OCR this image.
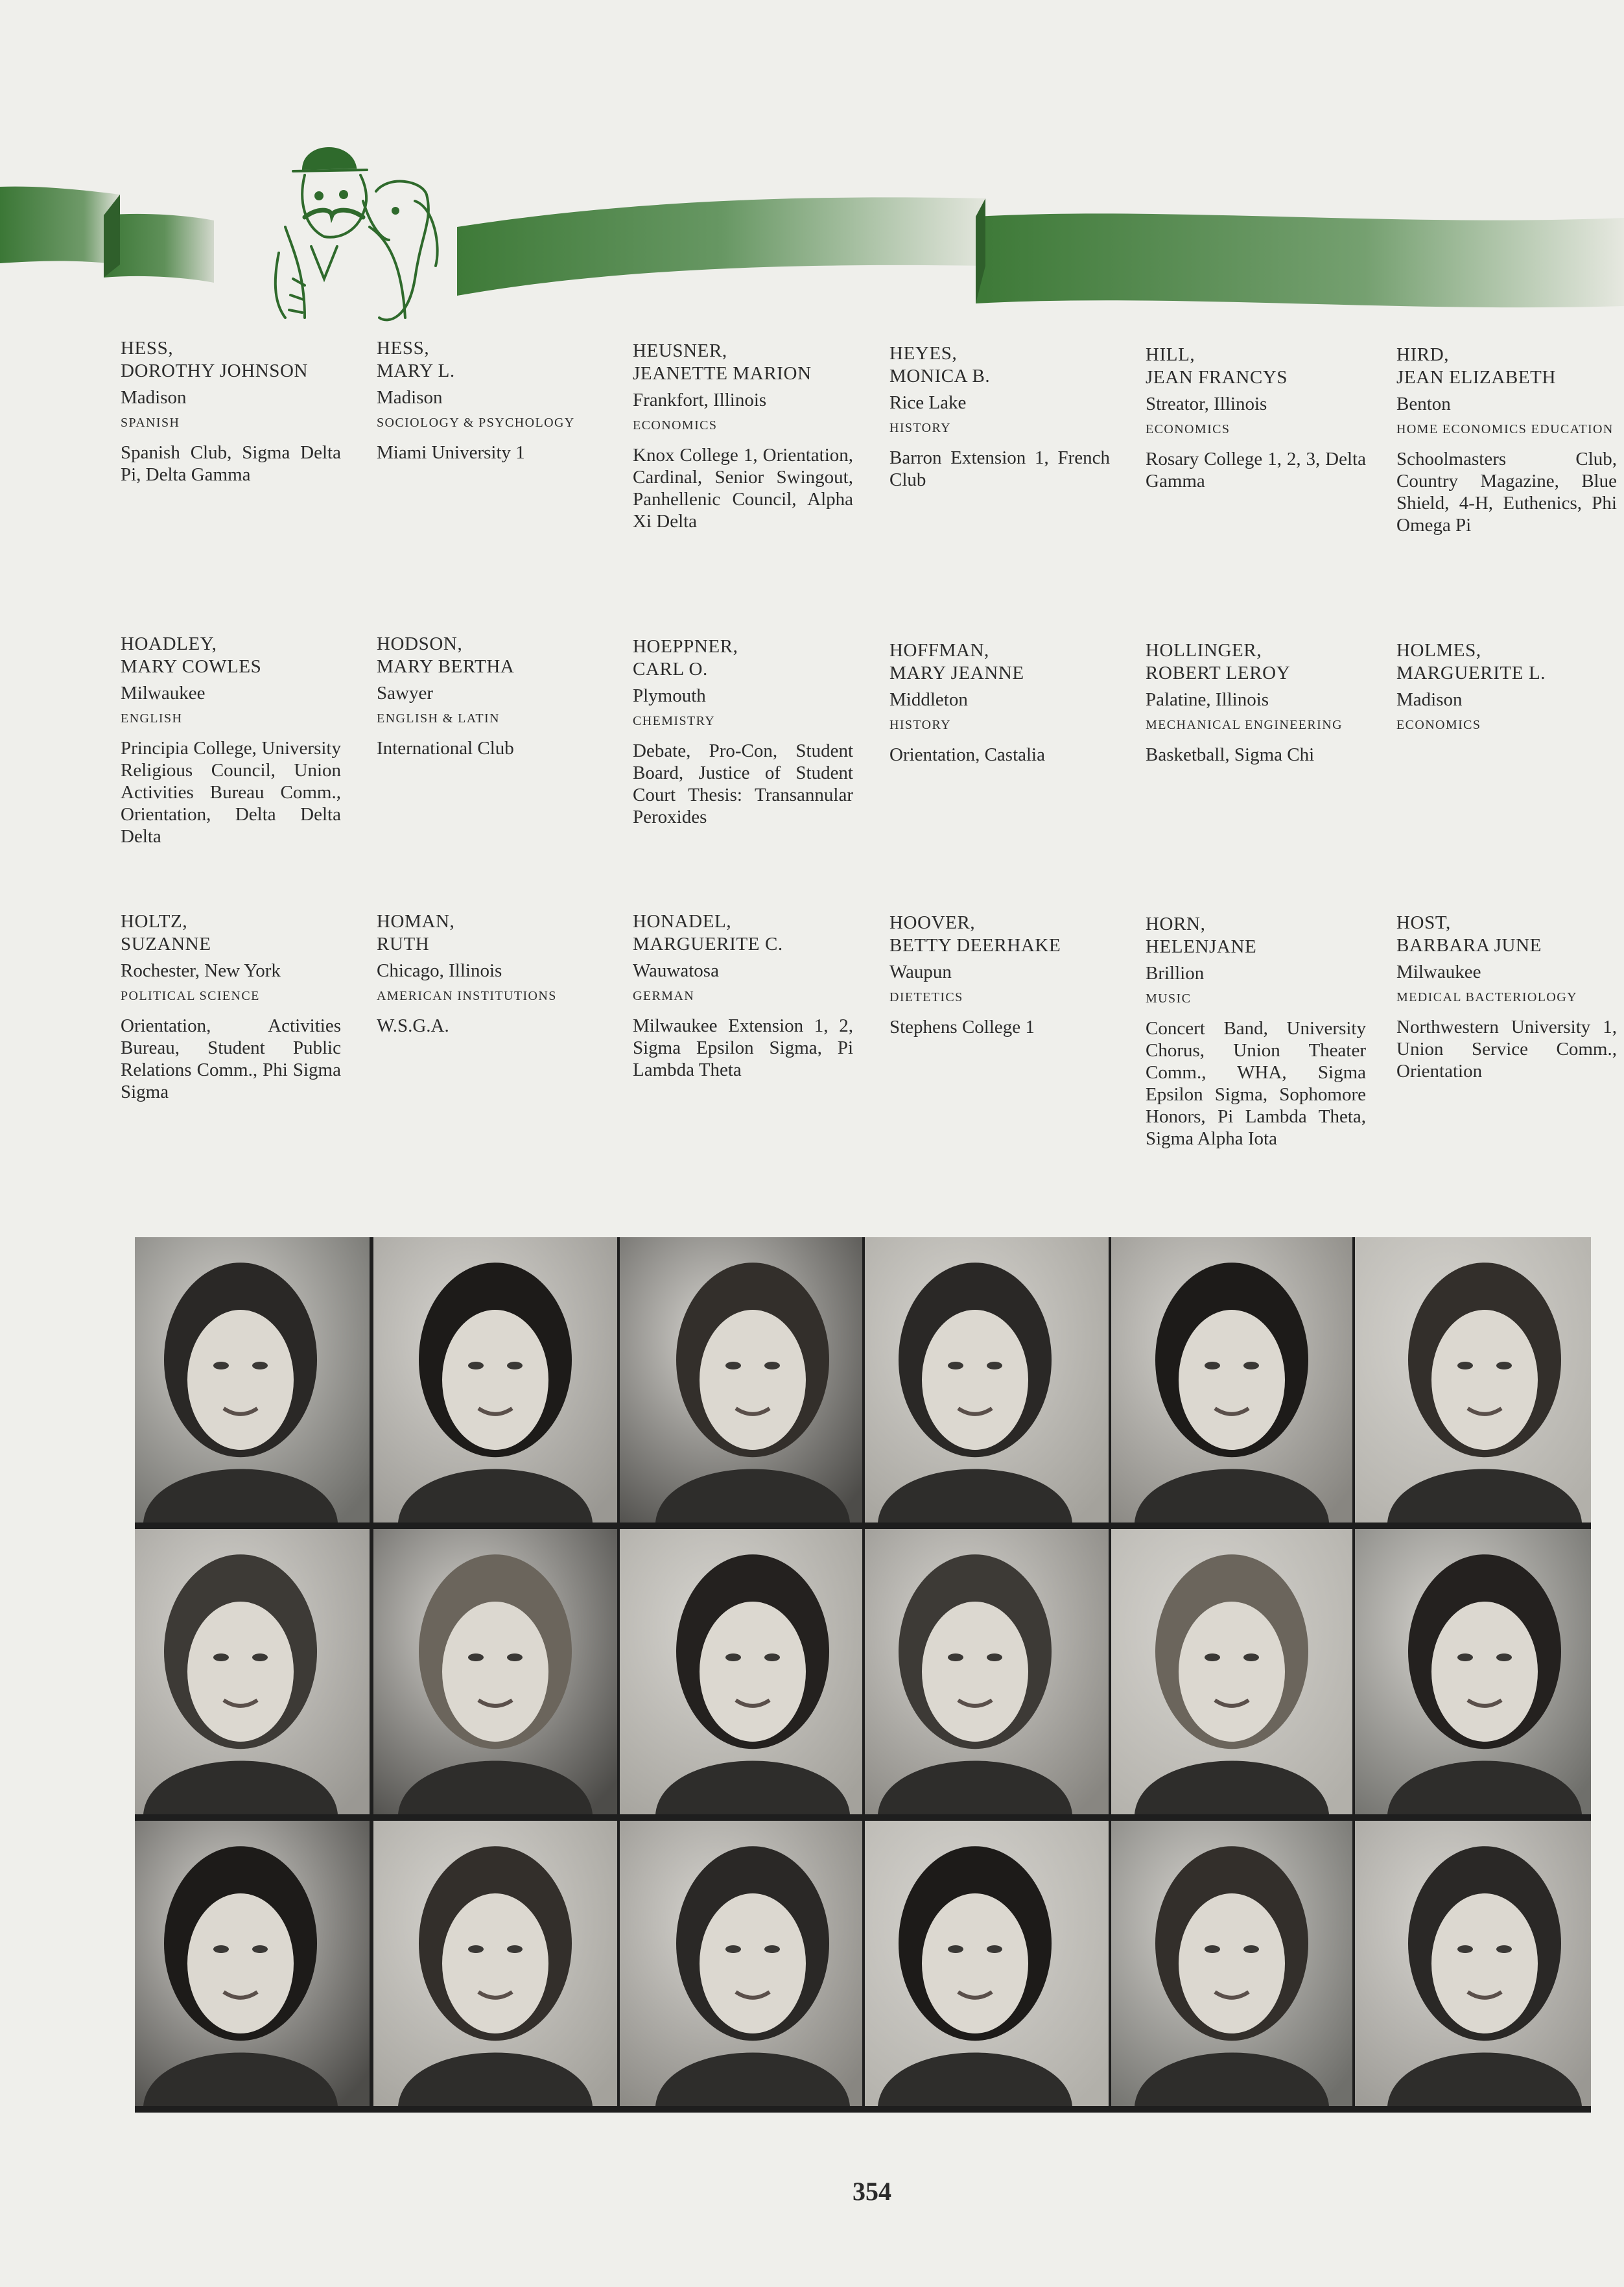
HESS,
DOROTHY JOHNSON
Madison
SPANISH
Spanish Club, Sigma Delta Pi, Delta Gamma
HESS,
MARY L.
Madison
SOCIOLOGY & PSYCHOLOGY
Miami University 1
HEUSNER,
JEANETTE MARION
Frankfort, Illinois
ECONOMICS
Knox College 1, Orientation, Cardinal, Senior Swingout, Panhellenic Council, Alpha Xi Delta
HEYES,
MONICA B.
Rice Lake
HISTORY
Barron Extension 1, French Club
HILL,
JEAN FRANCYS
Streator, Illinois
ECONOMICS
Rosary College 1, 2, 3, Delta Gamma
HIRD,
JEAN ELIZABETH
Benton
HOME ECONOMICS EDUCATION
Schoolmasters Club, Country Magazine, Blue Shield, 4-H, Euthenics, Phi Omega Pi
HOADLEY,
MARY COWLES
Milwaukee
ENGLISH
Principia College, University Religious Council, Union Activities Bureau Comm., Orientation, Delta Delta Delta
HODSON,
MARY BERTHA
Sawyer
ENGLISH & LATIN
International Club
HOEPPNER,
CARL O.
Plymouth
CHEMISTRY
Debate, Pro-Con, Student Board, Justice of Student Court Thesis: Transannular Peroxides
HOFFMAN,
MARY JEANNE
Middleton
HISTORY
Orientation, Castalia
HOLLINGER,
ROBERT LEROY
Palatine, Illinois
MECHANICAL ENGINEERING
Basketball, Sigma Chi
HOLMES,
MARGUERITE L.
Madison
ECONOMICS
HOLTZ,
SUZANNE
Rochester, New York
POLITICAL SCIENCE
Orientation, Activities Bureau, Student Public Relations Comm., Phi Sigma Sigma
HOMAN,
RUTH
Chicago, Illinois
AMERICAN INSTITUTIONS
W.S.G.A.
HONADEL,
MARGUERITE C.
Wauwatosa
GERMAN
Milwaukee Extension 1, 2, Sigma Epsilon Sigma, Pi Lambda Theta
HOOVER,
BETTY DEERHAKE
Waupun
DIETETICS
Stephens College 1
HORN,
HELENJANE
Brillion
MUSIC
Concert Band, University Chorus, Union Theater Comm., WHA, Sigma Epsilon Sigma, Sophomore Honors, Pi Lambda Theta, Sigma Alpha Iota
HOST,
BARBARA JUNE
Milwaukee
MEDICAL BACTERIOLOGY
Northwestern University 1, Union Service Comm., Orientation
354
